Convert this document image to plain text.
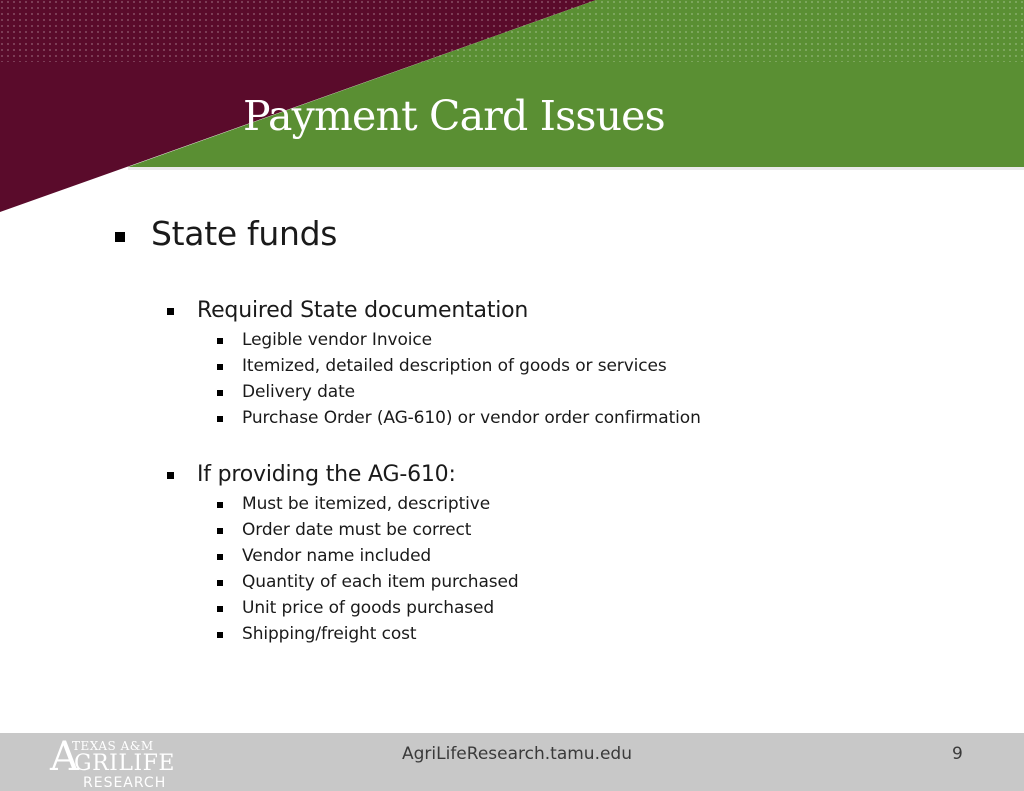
Payment Card Issues
State funds
Required State documentation
Legible vendor Invoice
Itemized, detailed description of goods or services
Delivery date
Purchase Order (AG-610) or vendor order confirmation
If providing the AG-610:
Must be itemized, descriptive
Order date must be correct
Vendor name included
Quantity of each item purchased
Unit price of goods purchased
Shipping/freight cost
A
TEXAS A&M
GRILIFE
RESEARCH
AgriLifeResearch.tamu.edu	9
